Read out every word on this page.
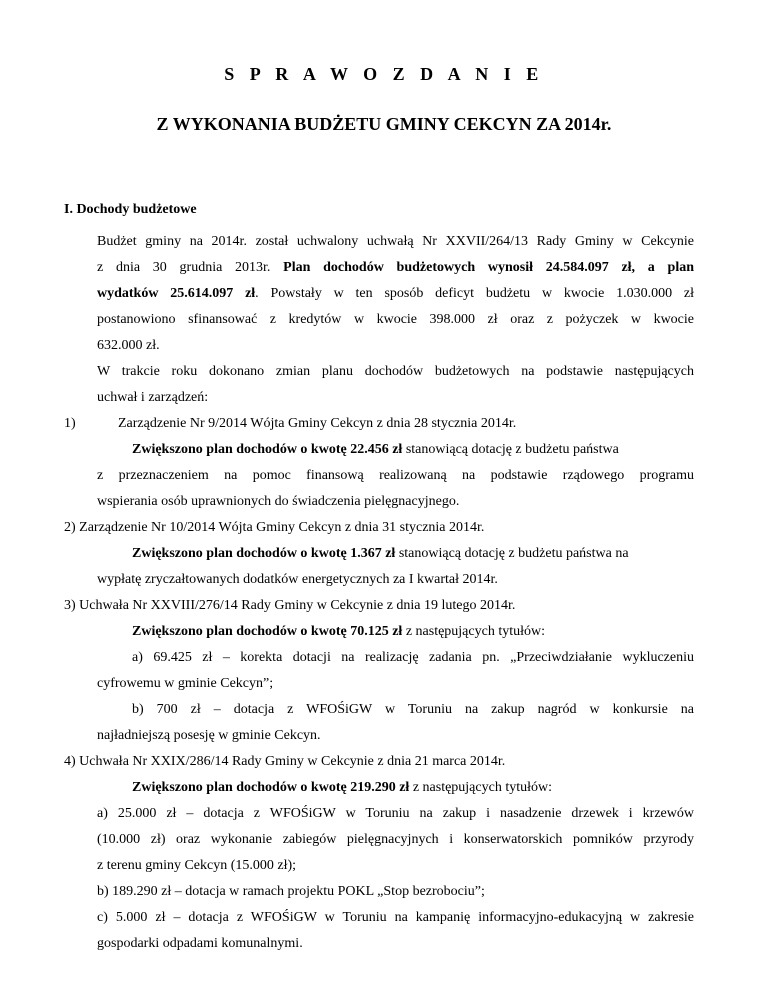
S P R A W O Z D A N I E
Z WYKONANIA BUDŻETU GMINY CEKCYN ZA 2014r.
I. Dochody budżetowe
Budżet gminy na 2014r. został uchwalony uchwałą Nr XXVII/264/13 Rady Gminy w Cekcynie
z dnia 30 grudnia 2013r. Plan dochodów budżetowych wynosił 24.584.097 zł, a plan
wydatków 25.614.097 zł. Powstały w ten sposób deficyt budżetu w kwocie 1.030.000 zł
postanowiono sfinansować z kredytów w kwocie 398.000 zł oraz z pożyczek w kwocie
632.000 zł.
W trakcie roku dokonano zmian planu dochodów budżetowych na podstawie następujących
uchwał i zarządzeń:
1)	Zarządzenie Nr 9/2014 Wójta Gminy Cekcyn z dnia 28 stycznia 2014r.
Zwiększono plan dochodów o kwotę 22.456 zł stanowiącą dotację z budżetu państwa
z przeznaczeniem na pomoc finansową realizowaną na podstawie rządowego programu
wspierania osób uprawnionych do świadczenia pielęgnacyjnego.
2) Zarządzenie Nr 10/2014 Wójta Gminy Cekcyn z dnia 31 stycznia 2014r.
Zwiększono plan dochodów o kwotę 1.367 zł stanowiącą dotację z budżetu państwa na
wypłatę zryczałtowanych dodatków energetycznych za I kwartał 2014r.
3) Uchwała Nr XXVIII/276/14 Rady Gminy w Cekcynie z dnia 19 lutego 2014r.
Zwiększono plan dochodów o kwotę 70.125 zł z następujących tytułów:
a) 69.425 zł – korekta dotacji na realizację zadania pn. „Przeciwdziałanie wykluczeniu
cyfrowemu w gminie Cekcyn”;
b) 700 zł – dotacja z WFOŚiGW w Toruniu na zakup nagród w konkursie na
najładniejszą posesję w gminie Cekcyn.
4) Uchwała Nr XXIX/286/14 Rady Gminy w Cekcynie z dnia 21 marca 2014r.
Zwiększono plan dochodów o kwotę 219.290 zł z następujących tytułów:
a) 25.000 zł – dotacja z WFOŚiGW w Toruniu na zakup i nasadzenie drzewek i krzewów
(10.000 zł) oraz wykonanie zabiegów pielęgnacyjnych i konserwatorskich pomników przyrody
z terenu gminy Cekcyn (15.000 zł);
b) 189.290 zł – dotacja w ramach projektu POKL „Stop bezrobociu”;
c) 5.000 zł – dotacja z WFOŚiGW w Toruniu na kampanię informacyjno-edukacyjną w zakresie
gospodarki odpadami komunalnymi.
